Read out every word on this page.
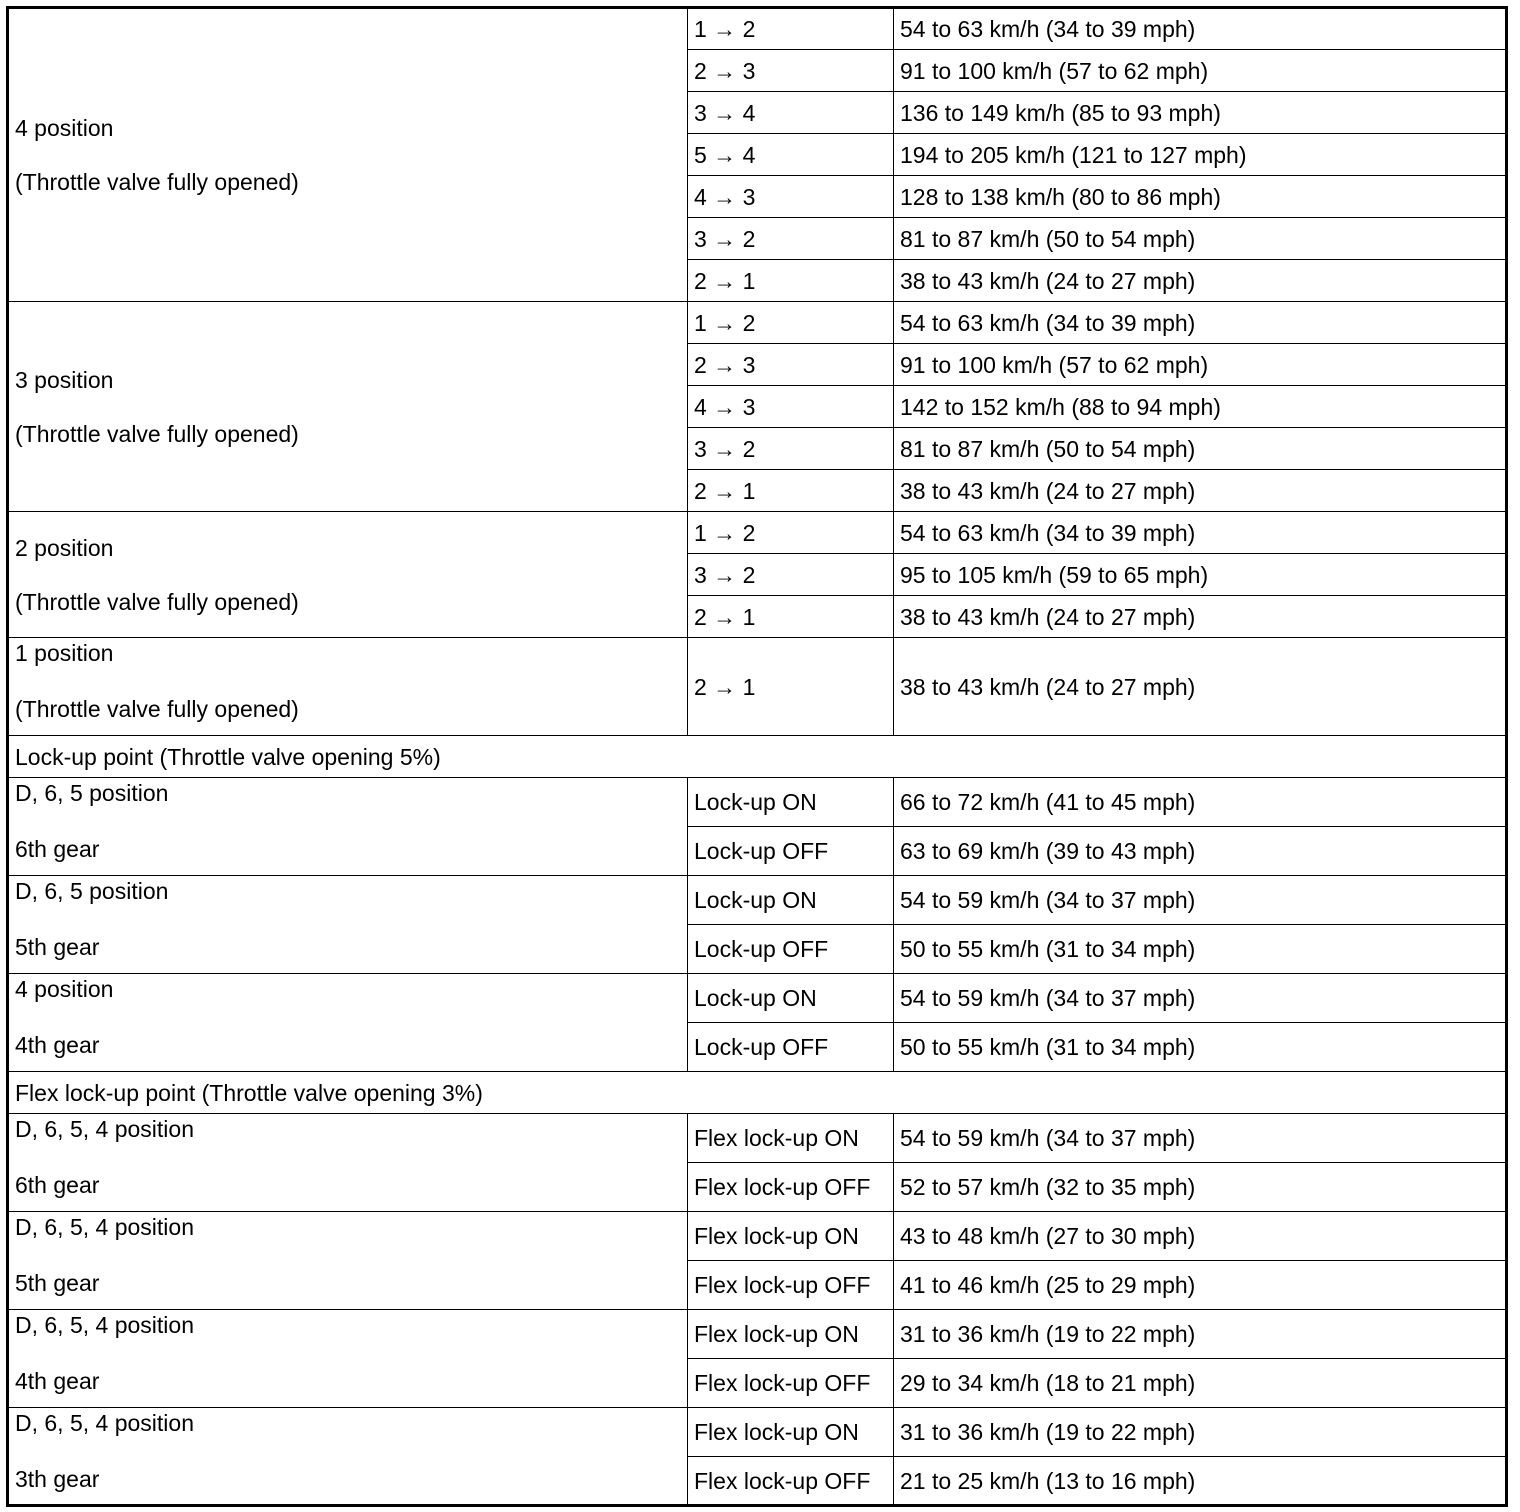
4 position
(Throttle valve fully opened)	1 → 2	54 to 63 km/h (34 to 39 mph)
	2 → 3	91 to 100 km/h (57 to 62 mph)
	3 → 4	136 to 149 km/h (85 to 93 mph)
	5 → 4	194 to 205 km/h (121 to 127 mph)
	4 → 3	128 to 138 km/h (80 to 86 mph)
	3 → 2	81 to 87 km/h (50 to 54 mph)
	2 → 1	38 to 43 km/h (24 to 27 mph)
3 position
(Throttle valve fully opened)	1 → 2	54 to 63 km/h (34 to 39 mph)
	2 → 3	91 to 100 km/h (57 to 62 mph)
	4 → 3	142 to 152 km/h (88 to 94 mph)
	3 → 2	81 to 87 km/h (50 to 54 mph)
	2 → 1	38 to 43 km/h (24 to 27 mph)
2 position
(Throttle valve fully opened)	1 → 2	54 to 63 km/h (34 to 39 mph)
	3 → 2	95 to 105 km/h (59 to 65 mph)
	2 → 1	38 to 43 km/h (24 to 27 mph)

1 position
(Throttle valve fully opened)	2 → 1	38 to 43 km/h (24 to 27 mph)
Lock-up point (Throttle valve opening 5%)		

D, 6, 5 position
6th gear	Lock-up ON	66 to 72 km/h (41 to 45 mph)
	Lock-up OFF	63 to 69 km/h (39 to 43 mph)

D, 6, 5 position
5th gear	Lock-up ON	54 to 59 km/h (34 to 37 mph)
	Lock-up OFF	50 to 55 km/h (31 to 34 mph)

4 position
4th gear	Lock-up ON	54 to 59 km/h (34 to 37 mph)
	Lock-up OFF	50 to 55 km/h (31 to 34 mph)
Flex lock-up point (Throttle valve opening 3%)		

D, 6, 5, 4 position
6th gear	Flex lock-up ON	54 to 59 km/h (34 to 37 mph)
	Flex lock-up OFF	52 to 57 km/h (32 to 35 mph)

D, 6, 5, 4 position
5th gear	Flex lock-up ON	43 to 48 km/h (27 to 30 mph)
	Flex lock-up OFF	41 to 46 km/h (25 to 29 mph)

D, 6, 5, 4 position
4th gear	Flex lock-up ON	31 to 36 km/h (19 to 22 mph)
	Flex lock-up OFF	29 to 34 km/h (18 to 21 mph)

D, 6, 5, 4 position
3th gear	Flex lock-up ON	31 to 36 km/h (19 to 22 mph)
	Flex lock-up OFF	21 to 25 km/h (13 to 16 mph)
